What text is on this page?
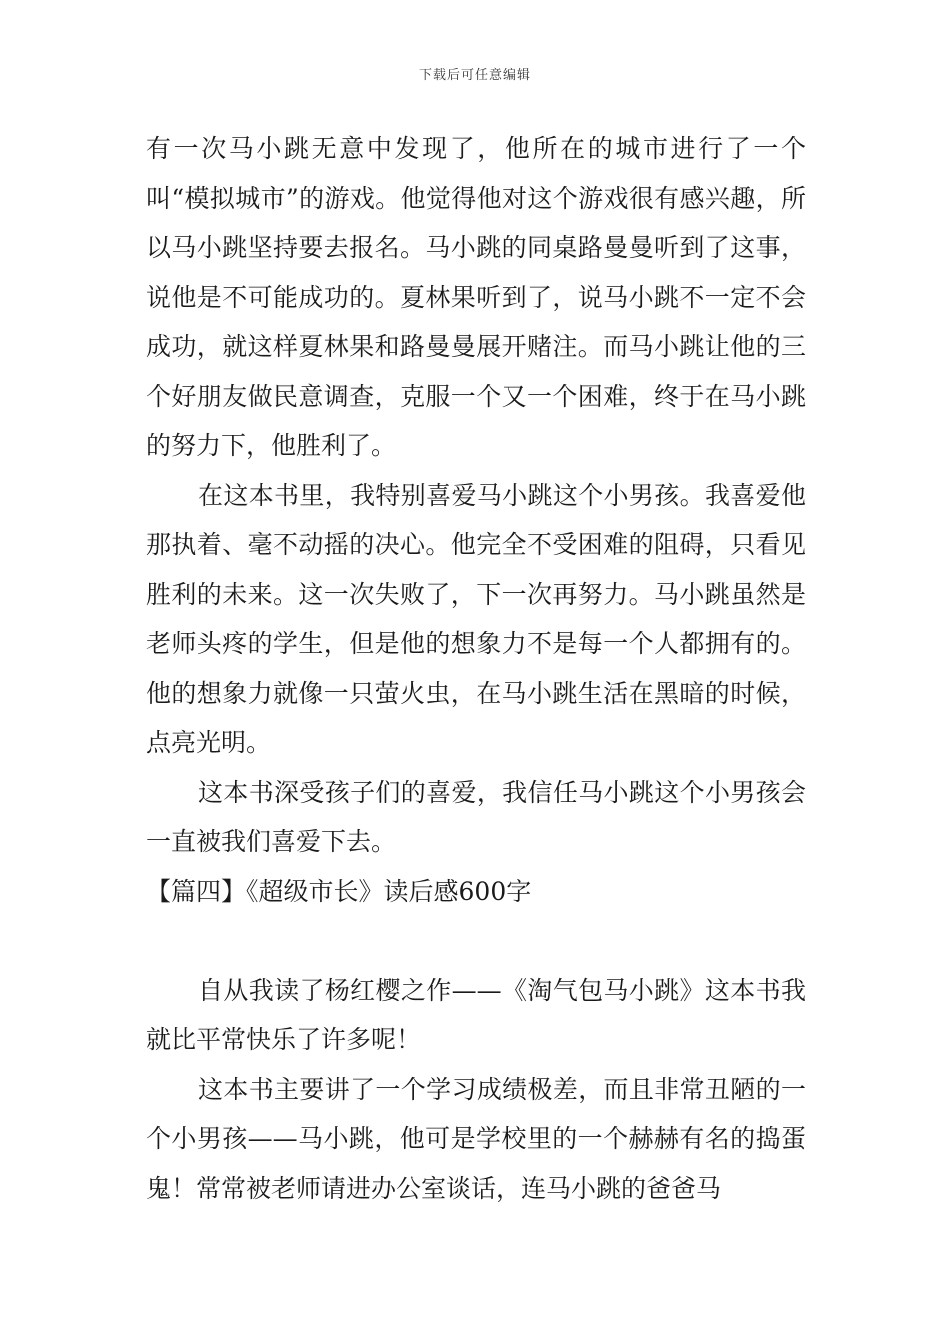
下载后可任意编辑

有一次马小跳无意中发现了，他所在的城市进行了一个叫“模拟城市”的游戏。他觉得他对这个游戏很有感兴趣，所以马小跳坚持要去报名。马小跳的同桌路曼曼听到了这事，说他是不可能成功的。夏林果听到了，说马小跳不一定不会成功，就这样夏林果和路曼曼展开赌注。而马小跳让他的三个好朋友做民意调查，克服一个又一个困难，终于在马小跳的努力下，他胜利了。

在这本书里，我特别喜爱马小跳这个小男孩。我喜爱他那执着、毫不动摇的决心。他完全不受困难的阻碍，只看见胜利的未来。这一次失败了，下一次再努力。马小跳虽然是老师头疼的学生，但是他的想象力不是每一个人都拥有的。他的想象力就像一只萤火虫，在马小跳生活在黑暗的时候，点亮光明。

这本书深受孩子们的喜爱，我信任马小跳这个小男孩会一直被我们喜爱下去。

【篇四】《超级市长》读后感600字

自从我读了杨红樱之作——《淘气包马小跳》这本书我就比平常快乐了许多呢！

这本书主要讲了一个学习成绩极差，而且非常丑陋的一个小男孩——马小跳，他可是学校里的一个赫赫有名的捣蛋鬼！常常被老师请进办公室谈话，连马小跳的爸爸马
